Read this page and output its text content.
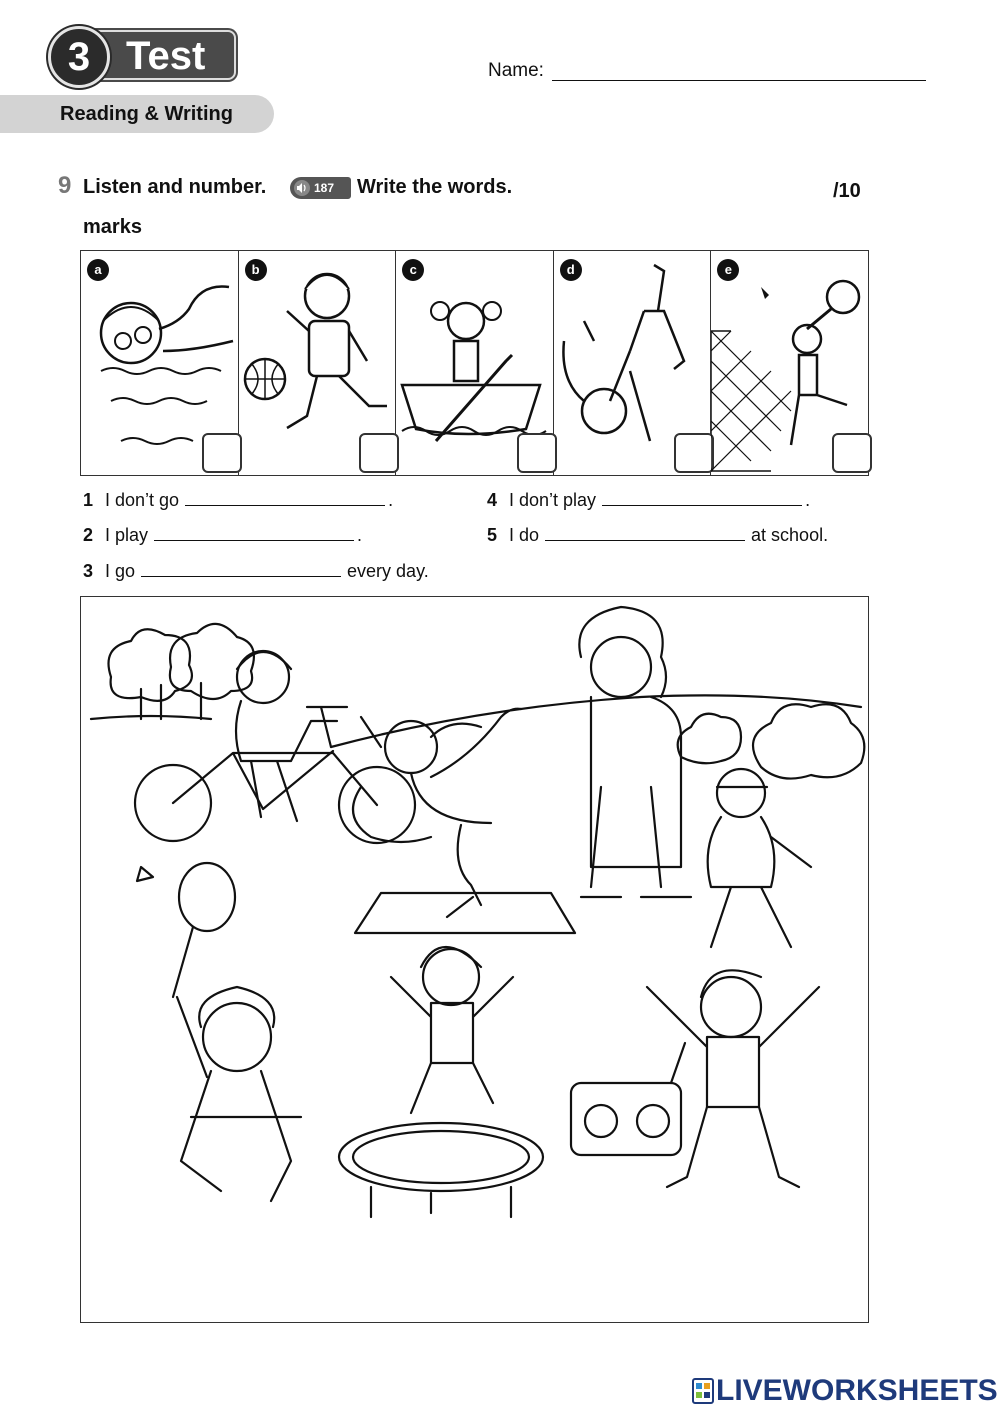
Test
3	Name:
Reading & Writing
9 Listen and number.	187 Write the words.	/10
marks
a	b	c	d	e
1 I don’t go	.
2 I play	.
3 I go	every day.
4 I don’t play	.
5 I do	at school.
LIVEWORKSHEETS
